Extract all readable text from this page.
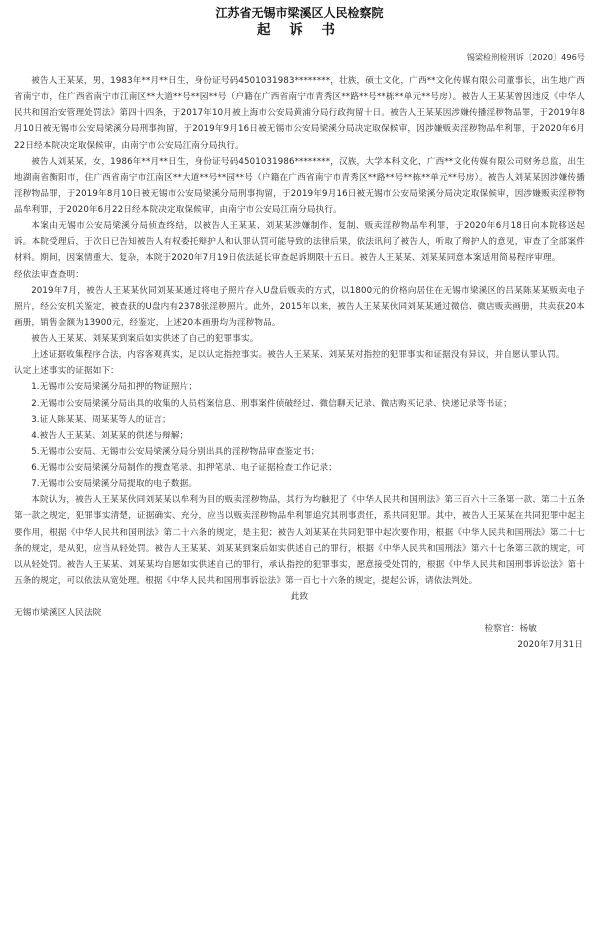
江苏省无锡市梁溪区人民检察院
起 诉 书
锡梁检刑检刑诉〔2020〕496号

被告人王某某，男，1983年**月**日生，身份证号码4501031983********，壮族，硕士文化，广西**文化传媒有限公司董事长，出生地广西省南宁市，住广西省南宁市江南区**大道**号**园**号（户籍在广西省南宁市青秀区**路**号**栋**单元**号房）。被告人王某某曾因违反《中华人民共和国治安管理处罚法》第四十四条，于2017年10月被上海市公安局黄浦分局行政拘留十日。被告人王某某因涉嫌传播淫秽物品罪，于2019年8月10日被无锡市公安局梁溪分局刑事拘留，于2019年9月16日被无锡市公安局梁溪分局决定取保候审，因涉嫌贩卖淫秽物品牟利罪，于2020年6月22日经本院决定取保候审，由南宁市公安局江南分局执行。

被告人刘某某，女，1986年**月**日生，身份证号码4501031986********，汉族，大学本科文化，广西**文化传媒有限公司财务总监，出生地湖南省衡阳市，住广西省南宁市江南区**大道**号**园**号（户籍在广西省南宁市青秀区**路**号**栋**单元**号房）。被告人刘某某因涉嫌传播淫秽物品罪，于2019年8月10日被无锡市公安局梁溪分局刑事拘留，于2019年9月16日被无锡市公安局梁溪分局决定取保候审，因涉嫌贩卖淫秽物品牟利罪，于2020年6月22日经本院决定取保候审，由南宁市公安局江南分局执行。

本案由无锡市公安局梁溪分局侦查终结，以被告人王某某、刘某某涉嫌制作、复制、贩卖淫秽物品牟利罪，于2020年6月18日向本院移送起诉。本院受理后，于次日已告知被告人有权委托辩护人和认罪认罚可能导致的法律后果，依法讯问了被告人，听取了辩护人的意见，审查了全部案件材料。期间，因案情重大、复杂，本院于2020年7月19日依法延长审查起诉期限十五日。被告人王某某、刘某某同意本案适用简易程序审理。

经依法审查查明：

2019年7月，被告人王某某伙同刘某某通过将电子照片存入U盘后贩卖的方式，以1800元的价格向居住在无锡市梁溪区的吕某陈某某贩卖电子照片，经公安机关鉴定，被查获的U盘内有2378张淫秽照片。此外，2015年以来，被告人王某某伙同刘某某通过微信、微店贩卖画册，共卖获20本画册，销售金额为13900元，经鉴定，上述20本画册均为淫秽物品。

被告人王某某、刘某某到案后如实供述了自己的犯罪事实。

上述证据收集程序合法，内容客观真实，足以认定指控事实。被告人王某某、刘某某对指控的犯罪事实和证据没有异议，并自愿认罪认罚。

认定上述事实的证据如下：

1.无锡市公安局梁溪分局扣押的物证照片；

2.无锡市公安局梁溪分局出具的收集的人员档案信息、刑事案件侦破经过、微信聊天记录、微店购买记录、快递记录等书证；

3.证人陈某某、周某某等人的证言；

4.被告人王某某、刘某某的供述与辩解；

5.无锡市公安局、无锡市公安局梁溪分局分别出具的淫秽物品审查鉴定书；

6.无锡市公安局梁溪分局制作的搜查笔录、扣押笔录、电子证据检查工作记录；

7.无锡市公安局梁溪分局提取的电子数据。

本院认为，被告人王某某伙同刘某某以牟利为目的贩卖淫秽物品，其行为均触犯了《中华人民共和国刑法》第三百六十三条第一款、第二十五条第一款之规定，犯罪事实清楚，证据确实、充分，应当以贩卖淫秽物品牟利罪追究其刑事责任，系共同犯罪。其中，被告人王某某在共同犯罪中起主要作用，根据《中华人民共和国刑法》第二十六条的规定，是主犯；被告人刘某某在共同犯罪中起次要作用，根据《中华人民共和国刑法》第二十七条的规定，是从犯，应当从轻处罚。被告人王某某、刘某某到案后如实供述自己的罪行，根据《中华人民共和国刑法》第六十七条第三款的规定，可以从轻处罚。被告人王某某、刘某某均自愿如实供述自己的罪行，承认指控的犯罪事实，愿意接受处罚的，根据《中华人民共和国刑事诉讼法》第十五条的规定，可以依法从宽处理。根据《中华人民共和国刑事诉讼法》第一百七十六条的规定，提起公诉，请依法判处。

此致

无锡市梁溪区人民法院

检察官：杨敏

2020年7月31日
